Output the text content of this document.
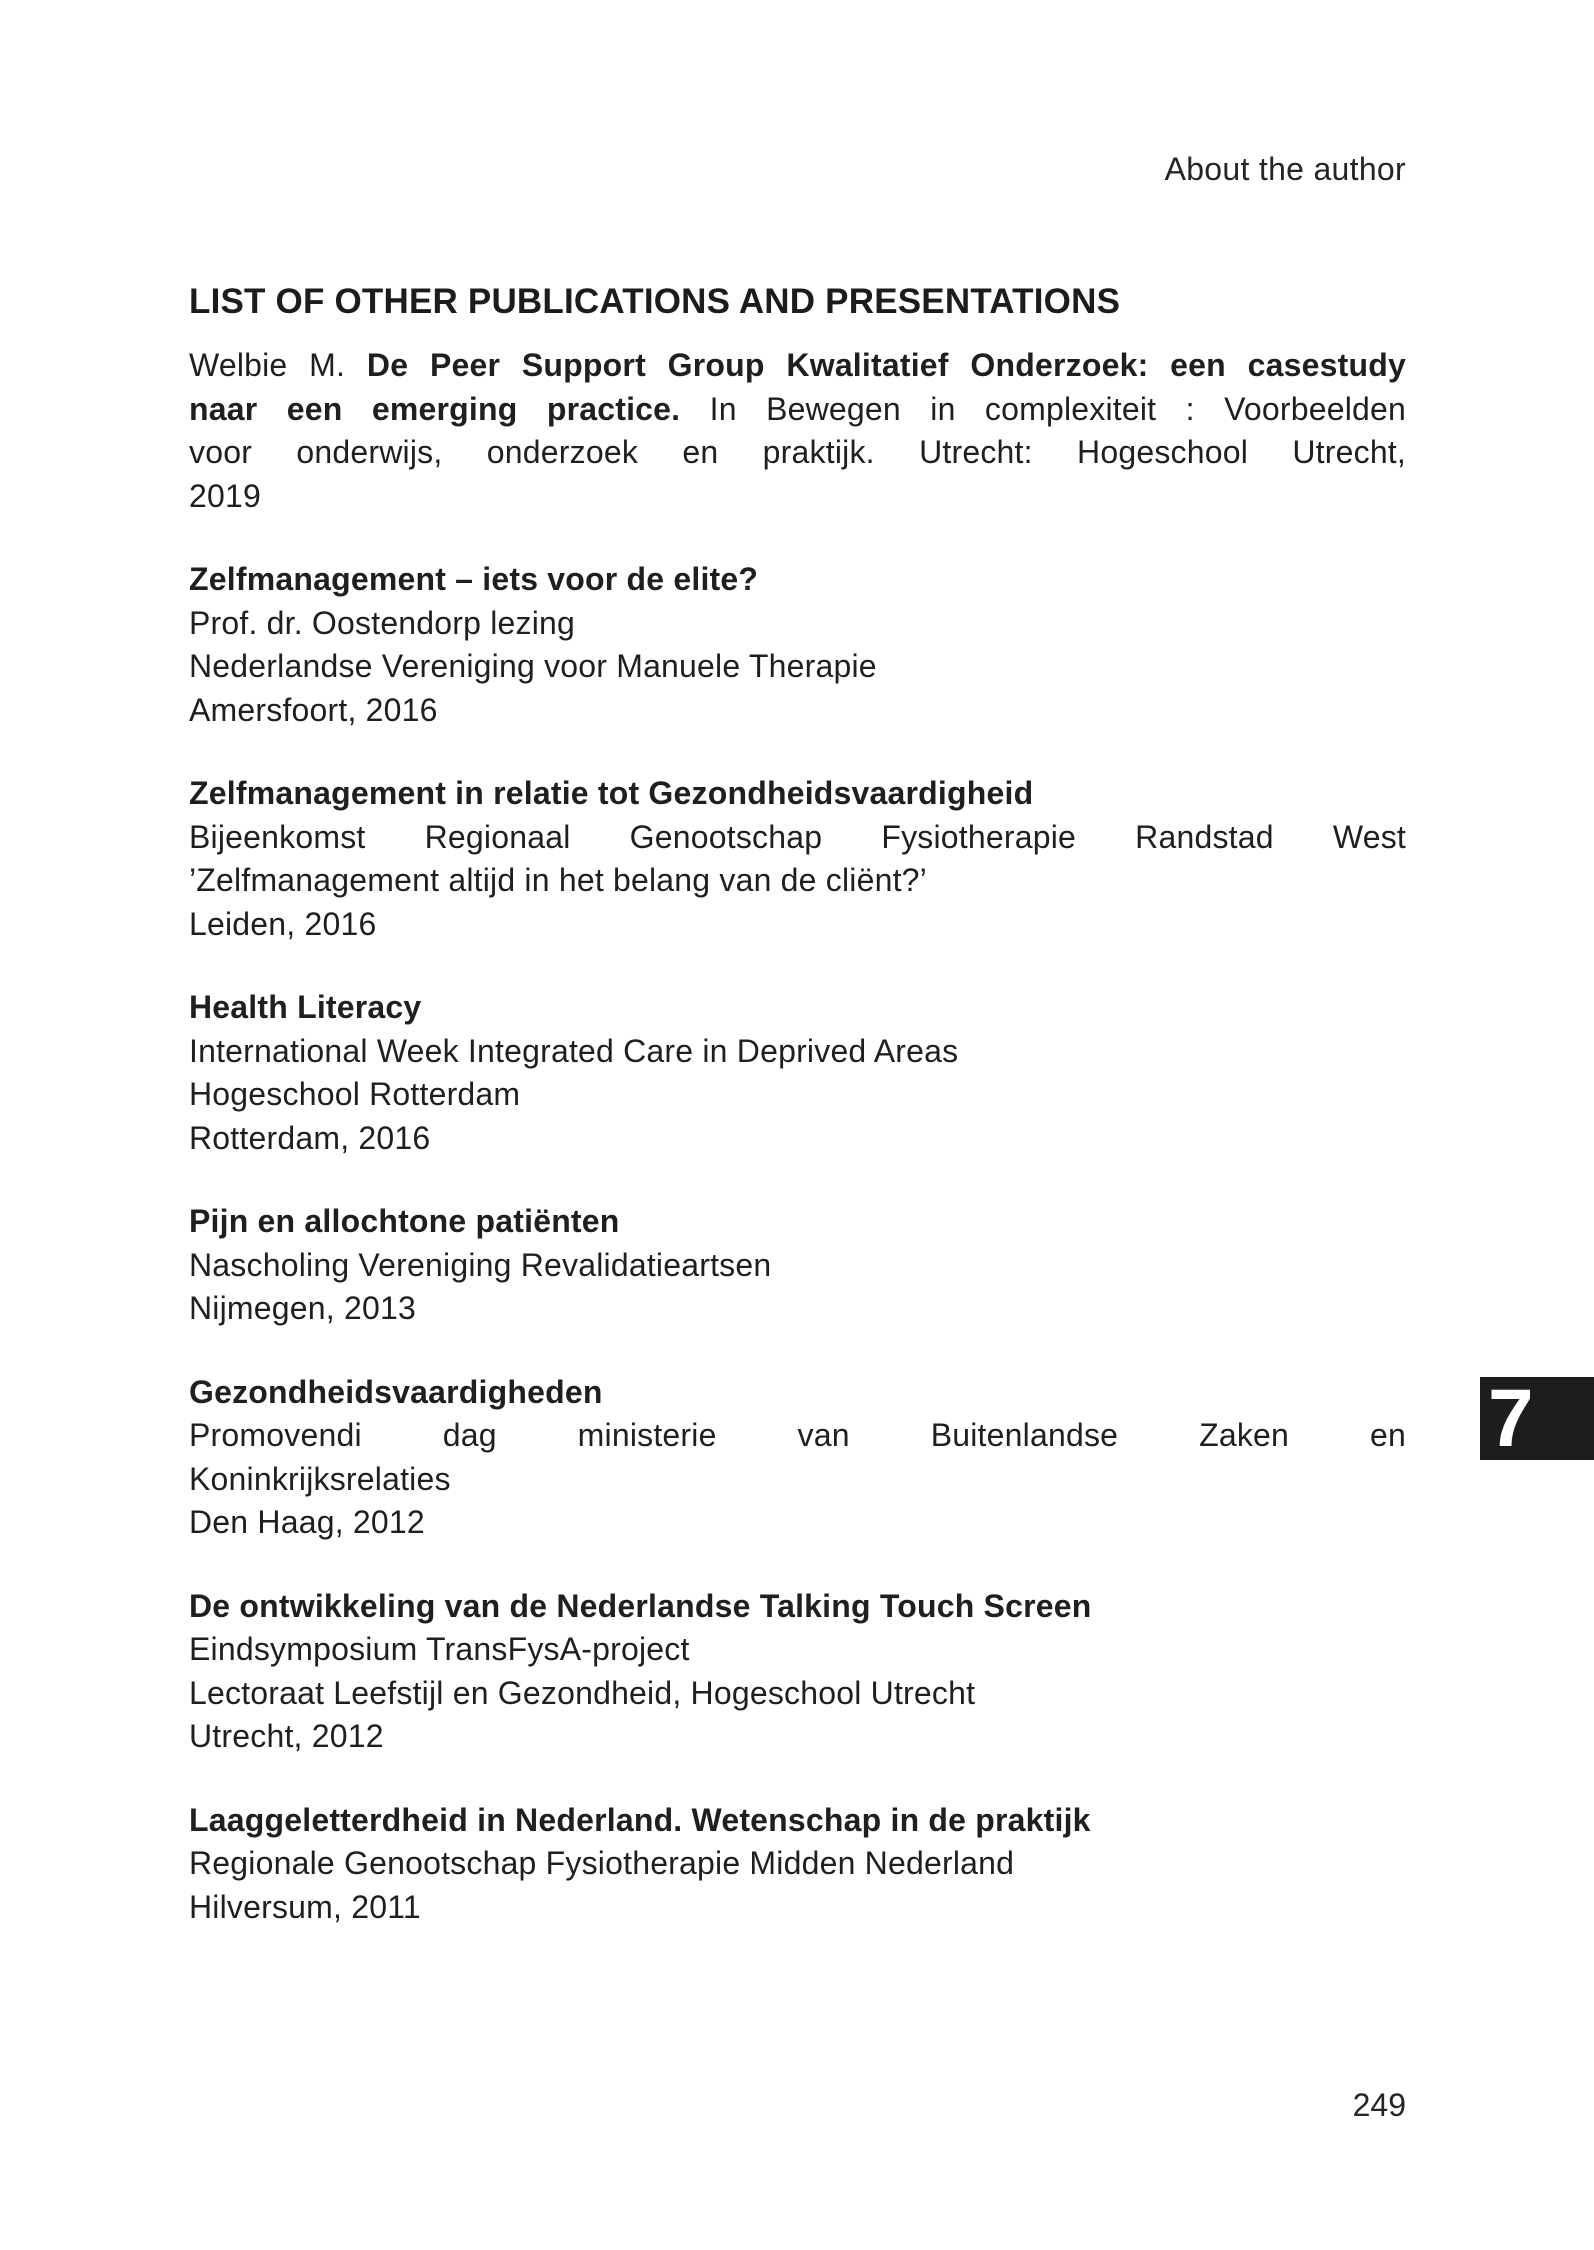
About the author
LIST OF OTHER PUBLICATIONS AND PRESENTATIONS
Welbie M. De Peer Support Group Kwalitatief Onderzoek: een casestudy
naar een emerging practice. In Bewegen in complexiteit : Voorbeelden
voor onderwijs, onderzoek en praktijk. Utrecht: Hogeschool Utrecht,
2019
Zelfmanagement – iets voor de elite?
Prof. dr. Oostendorp lezing
Nederlandse Vereniging voor Manuele Therapie
Amersfoort, 2016
Zelfmanagement in relatie tot Gezondheidsvaardigheid
Bijeenkomst Regionaal Genootschap Fysiotherapie Randstad West
’Zelfmanagement altijd in het belang van de cliënt?’
Leiden, 2016
Health Literacy
International Week Integrated Care in Deprived Areas
Hogeschool Rotterdam
Rotterdam, 2016
Pijn en allochtone patiënten
Nascholing Vereniging Revalidatieartsen
Nijmegen, 2013
Gezondheidsvaardigheden
Promovendi dag ministerie van Buitenlandse Zaken en
Koninkrijksrelaties
Den Haag, 2012
De ontwikkeling van de Nederlandse Talking Touch Screen
Eindsymposium TransFysA-project
Lectoraat Leefstijl en Gezondheid, Hogeschool Utrecht
Utrecht, 2012
Laaggeletterdheid in Nederland. Wetenschap in de praktijk
Regionale Genootschap Fysiotherapie Midden Nederland
Hilversum, 2011
7
249
